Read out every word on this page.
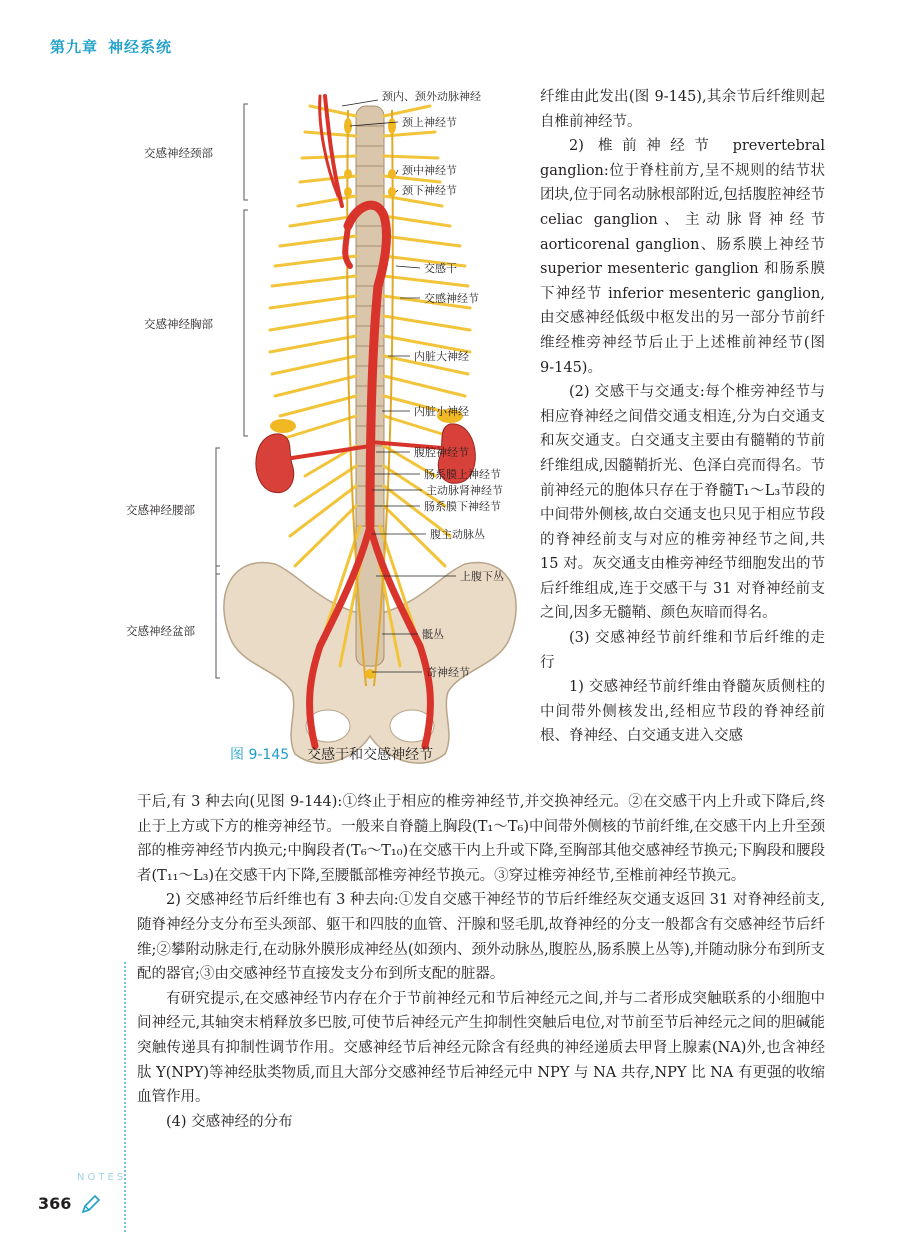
第九章 神经系统
交感神经颈部
交感神经胸部
交感神经腰部
交感神经盆部
颈内、颈外动脉神经
颈上神经节
颈中神经节
颈下神经节
交感干
交感神经节
内脏大神经
内脏小神经
腹腔神经节
肠系膜上神经节
主动脉肾神经节
肠系膜下神经节
腹主动脉丛
上腹下丛
骶丛
奇神经节
图 9-145 交感干和交感神经节

纤维由此发出(图 9-145),其余节后纤维则起自椎前神经节。

2) 椎前神经节 prevertebral ganglion:位于脊柱前方,呈不规则的结节状团块,位于同名动脉根部附近,包括腹腔神经节 celiac ganglion、主动脉肾神经节 aorticorenal ganglion、肠系膜上神经节 superior mesenteric ganglion 和肠系膜下神经节 inferior mesenteric ganglion,由交感神经低级中枢发出的另一部分节前纤维经椎旁神经节后止于上述椎前神经节(图 9-145)。

(2) 交感干与交通支:每个椎旁神经节与相应脊神经之间借交通支相连,分为白交通支和灰交通支。白交通支主要由有髓鞘的节前纤维组成,因髓鞘折光、色泽白亮而得名。节前神经元的胞体只存在于脊髓T₁～L₃节段的中间带外侧核,故白交通支也只见于相应节段的脊神经前支与对应的椎旁神经节之间,共 15 对。灰交通支由椎旁神经节细胞发出的节后纤维组成,连于交感干与 31 对脊神经前支之间,因多无髓鞘、颜色灰暗而得名。

(3) 交感神经节前纤维和节后纤维的走行

1) 交感神经节前纤维由脊髓灰质侧柱的中间带外侧核发出,经相应节段的脊神经前根、脊神经、白交通支进入交感

干后,有 3 种去向(见图 9-144):①终止于相应的椎旁神经节,并交换神经元。②在交感干内上升或下降后,终止于上方或下方的椎旁神经节。一般来自脊髓上胸段(T₁～T₆)中间带外侧核的节前纤维,在交感干内上升至颈部的椎旁神经节内换元;中胸段者(T₆～T₁₀)在交感干内上升或下降,至胸部其他交感神经节换元;下胸段和腰段者(T₁₁～L₃)在交感干内下降,至腰骶部椎旁神经节换元。③穿过椎旁神经节,至椎前神经节换元。

2) 交感神经节后纤维也有 3 种去向:①发自交感干神经节的节后纤维经灰交通支返回 31 对脊神经前支,随脊神经分支分布至头颈部、躯干和四肢的血管、汗腺和竖毛肌,故脊神经的分支一般都含有交感神经节后纤维;②攀附动脉走行,在动脉外膜形成神经丛(如颈内、颈外动脉丛,腹腔丛,肠系膜上丛等),并随动脉分布到所支配的器官;③由交感神经节直接发支分布到所支配的脏器。

有研究提示,在交感神经节内存在介于节前神经元和节后神经元之间,并与二者形成突触联系的小细胞中间神经元,其轴突末梢释放多巴胺,可使节后神经元产生抑制性突触后电位,对节前至节后神经元之间的胆碱能突触传递具有抑制性调节作用。交感神经节后神经元除含有经典的神经递质去甲肾上腺素(NA)外,也含神经肽 Y(NPY)等神经肽类物质,而且大部分交感神经节后神经元中 NPY 与 NA 共存,NPY 比 NA 有更强的收缩血管作用。

(4) 交感神经的分布

NOTES
366
